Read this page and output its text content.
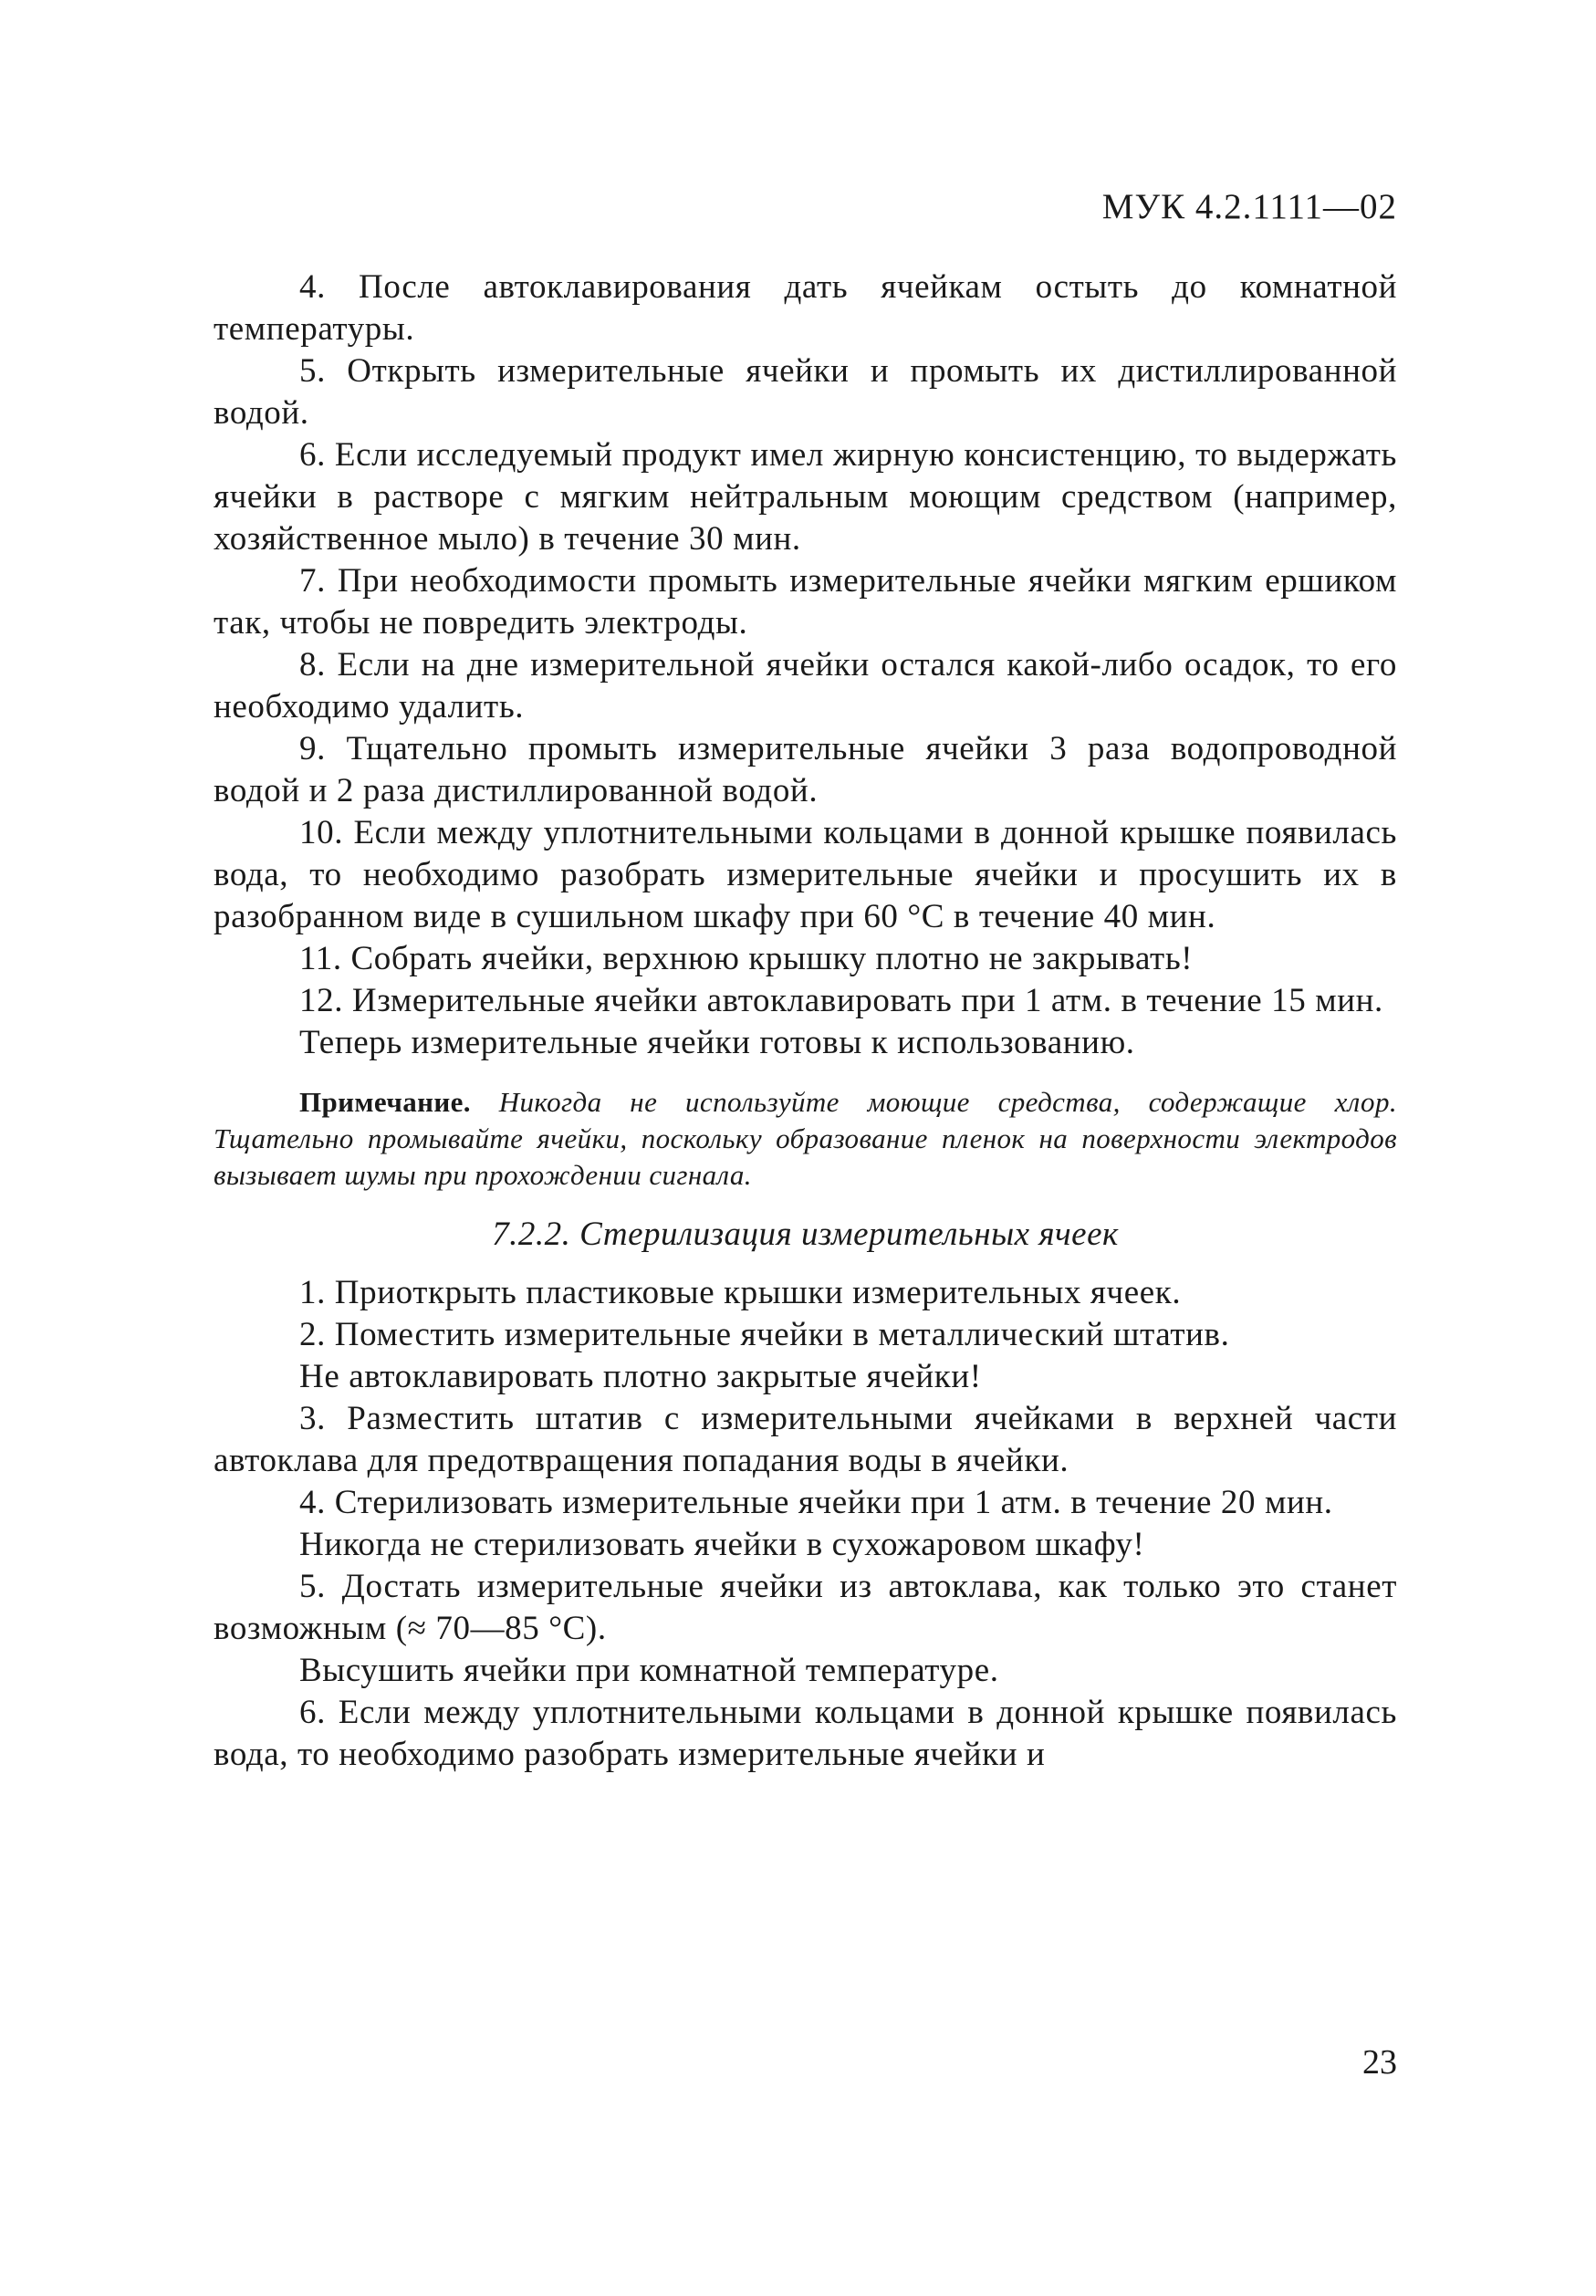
МУК 4.2.1111—02

4. После автоклавирования дать ячейкам остыть до комнатной температуры.

5. Открыть измерительные ячейки и промыть их дистиллированной водой.

6. Если исследуемый продукт имел жирную консистенцию, то выдержать ячейки в растворе с мягким нейтральным моющим средством (например, хозяйственное мыло) в течение 30 мин.

7. При необходимости промыть измерительные ячейки мягким ершиком так, чтобы не повредить электроды.

8. Если на дне измерительной ячейки остался какой-либо осадок, то его необходимо удалить.

9. Тщательно промыть измерительные ячейки 3 раза водопроводной водой и 2 раза дистиллированной водой.

10. Если между уплотнительными кольцами в донной крышке появилась вода, то необходимо разобрать измерительные ячейки и просушить их в разобранном виде в сушильном шкафу при 60 °С в течение 40 мин.

11. Собрать ячейки, верхнюю крышку плотно не закрывать!

12. Измерительные ячейки автоклавировать при 1 атм. в течение 15 мин.

Теперь измерительные ячейки готовы к использованию.

Примечание. Никогда не используйте моющие средства, содержащие хлор. Тщательно промывайте ячейки, поскольку образование пленок на поверхности электродов вызывает шумы при прохождении сигнала.

7.2.2. Стерилизация измерительных ячеек

1. Приоткрыть пластиковые крышки измерительных ячеек.

2. Поместить измерительные ячейки в металлический штатив.

Не автоклавировать плотно закрытые ячейки!

3. Разместить штатив с измерительными ячейками в верхней части автоклава для предотвращения попадания воды в ячейки.

4. Стерилизовать измерительные ячейки при 1 атм. в течение 20 мин.

Никогда не стерилизовать ячейки в сухожаровом шкафу!

5. Достать измерительные ячейки из автоклава, как только это станет возможным (≈ 70—85 °С).

Высушить ячейки при комнатной температуре.

6. Если между уплотнительными кольцами в донной крышке появилась вода, то необходимо разобрать измерительные ячейки и

23
